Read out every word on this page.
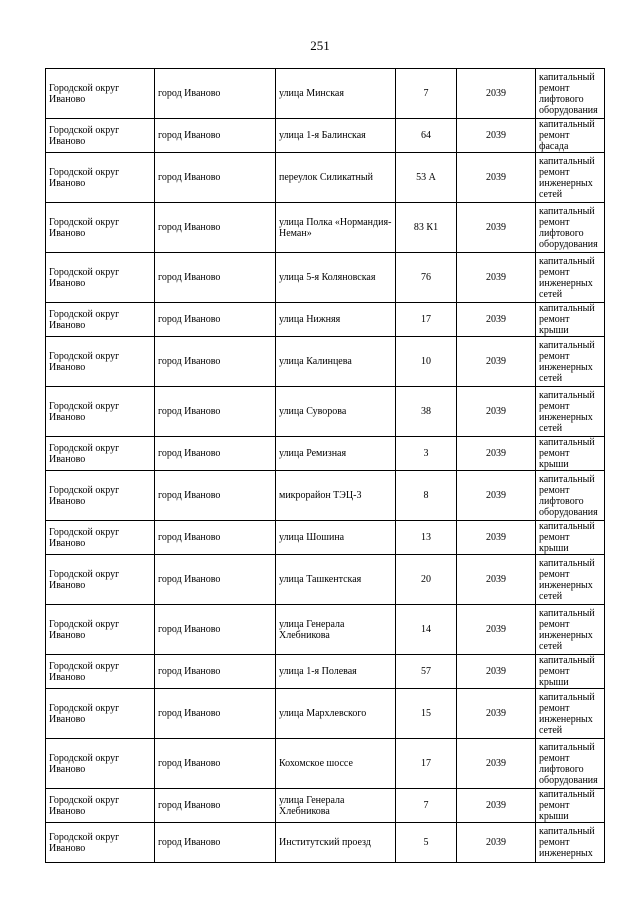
251
Городской округ Иваново	город Иваново	улица Минская	7	2039	капитальный ремонт лифтового оборудования

Городской округ Иваново	город Иваново	улица 1-я Балинская	64	2039	капитальный ремонт фасада

Городской округ Иваново	город Иваново	переулок Силикатный	53 А	2039	капитальный ремонт инженерных сетей

Городской округ Иваново	город Иваново	улица Полка «Нормандия-Неман»	83 К1	2039	капитальный ремонт лифтового оборудования

Городской округ Иваново	город Иваново	улица 5-я Коляновская	76	2039	капитальный ремонт инженерных сетей

Городской округ Иваново	город Иваново	улица Нижняя	17	2039	капитальный ремонт крыши

Городской округ Иваново	город Иваново	улица Калинцева	10	2039	капитальный ремонт инженерных сетей

Городской округ Иваново	город Иваново	улица Суворова	38	2039	капитальный ремонт инженерных сетей

Городской округ Иваново	город Иваново	улица Ремизная	3	2039	капитальный ремонт крыши

Городской округ Иваново	город Иваново	микрорайон ТЭЦ-3	8	2039	капитальный ремонт лифтового оборудования

Городской округ Иваново	город Иваново	улица Шошина	13	2039	капитальный ремонт крыши

Городской округ Иваново	город Иваново	улица Ташкентская	20	2039	капитальный ремонт инженерных сетей

Городской округ Иваново	город Иваново	улица Генерала Хлебникова	14	2039	капитальный ремонт инженерных сетей

Городской округ Иваново	город Иваново	улица 1-я Полевая	57	2039	капитальный ремонт крыши

Городской округ Иваново	город Иваново	улица Мархлевского	15	2039	капитальный ремонт инженерных сетей

Городской округ Иваново	город Иваново	Кохомское шоссе	17	2039	капитальный ремонт лифтового оборудования

Городской округ Иваново	город Иваново	улица Генерала Хлебникова	7	2039	капитальный ремонт крыши

Городской округ Иваново	город Иваново	Институтский проезд	5	2039	капитальный ремонт инженерных
